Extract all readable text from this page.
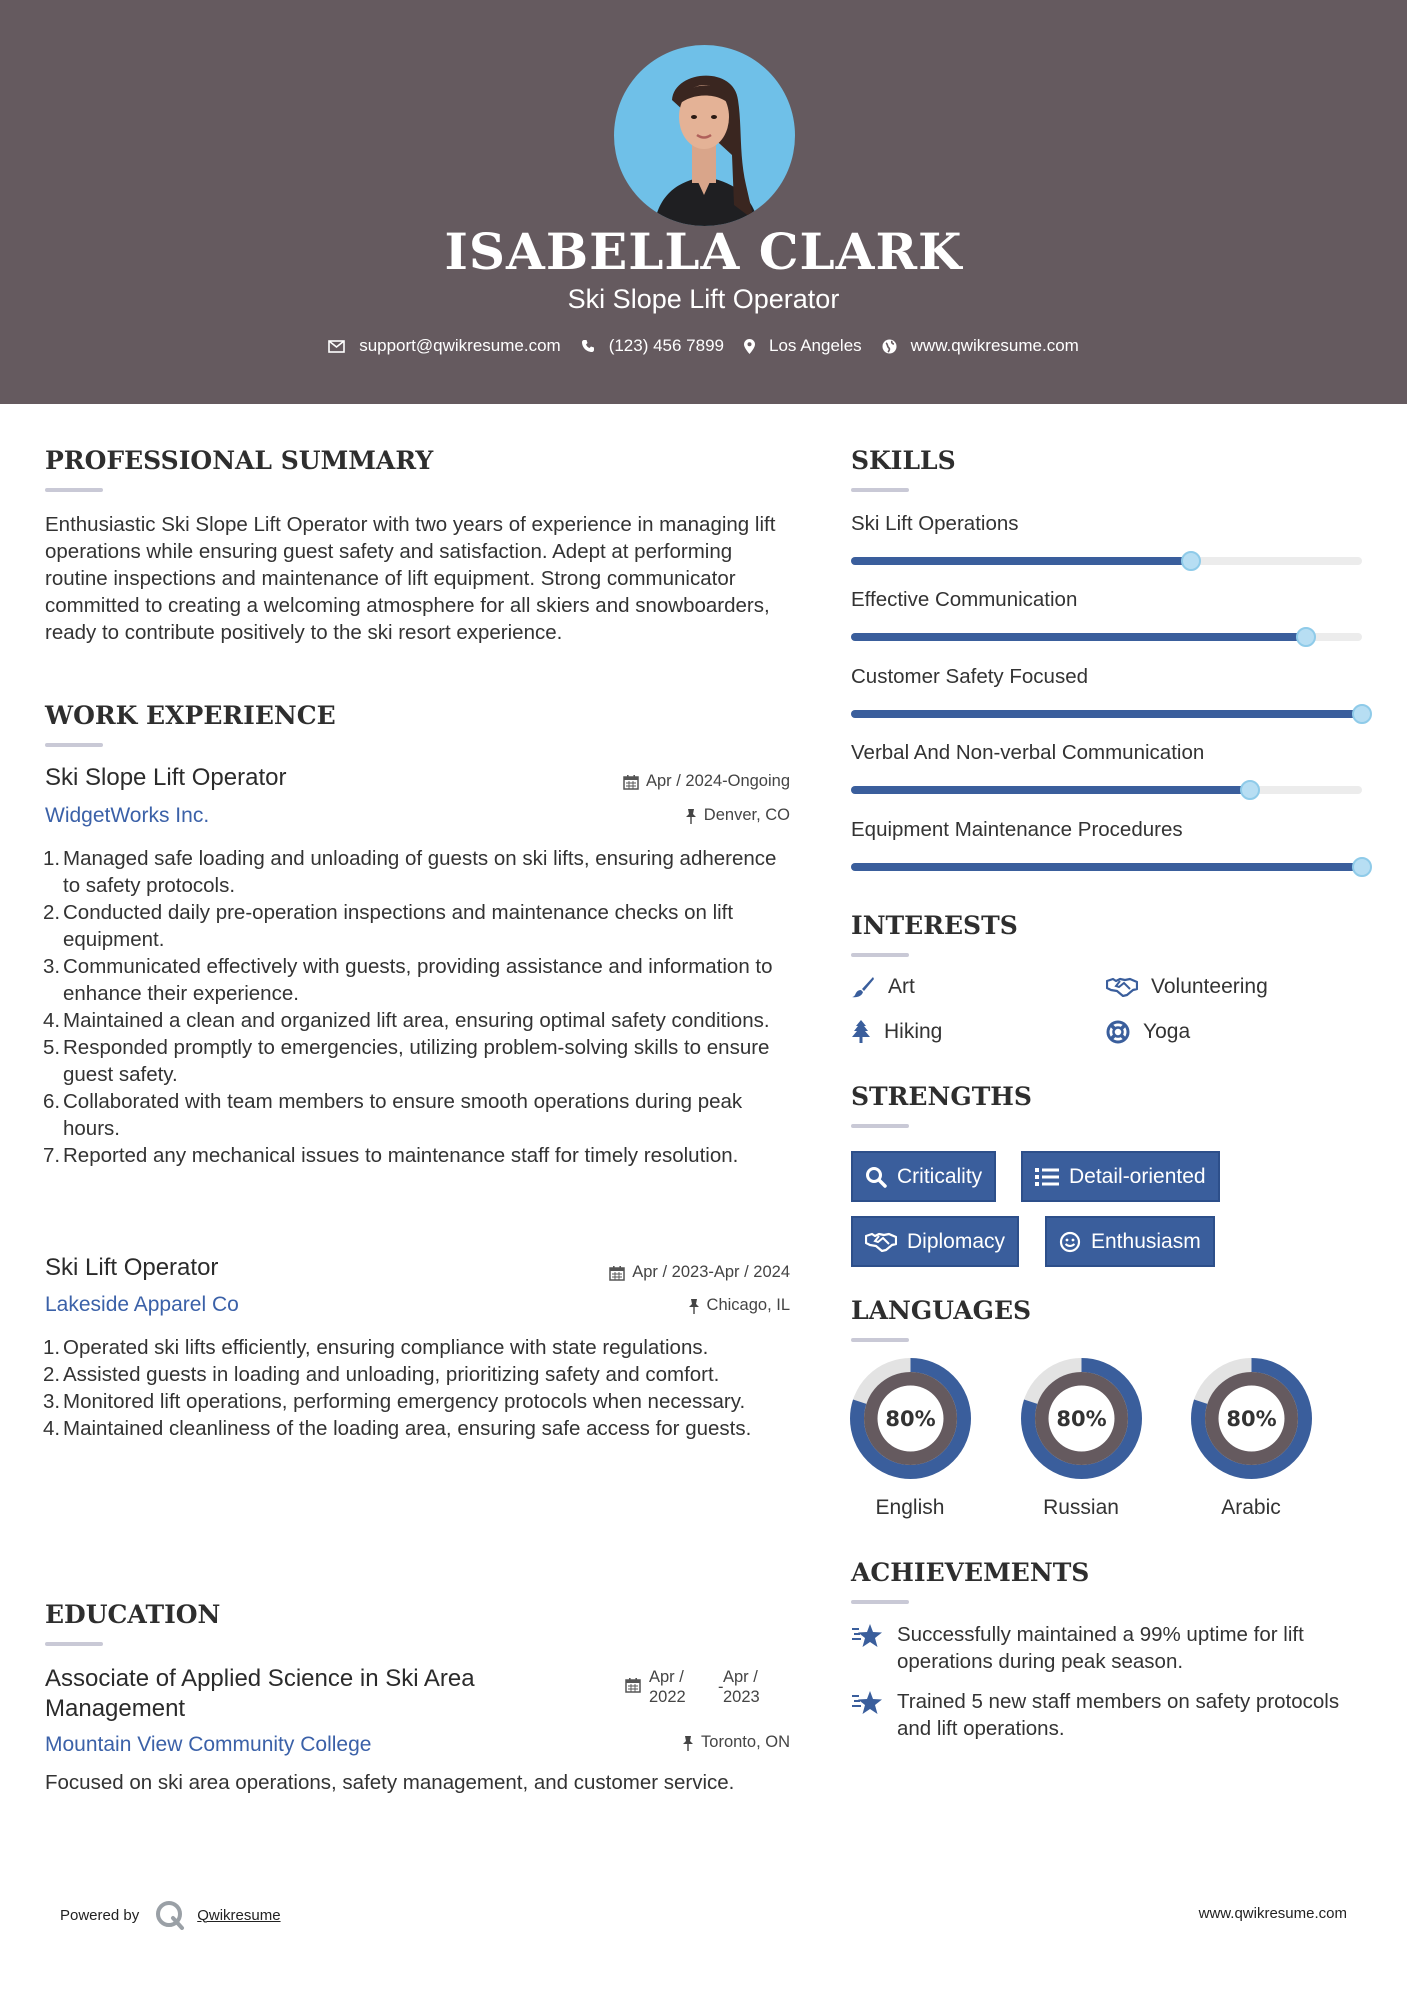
ISABELLA CLARK
Ski Slope Lift Operator
support@qwikresume.com	(123) 456 7899	Los Angeles	www.qwikresume.com
PROFESSIONAL SUMMARY
Enthusiastic Ski Slope Lift Operator with two years of experience in managing lift operations while ensuring guest safety and satisfaction. Adept at performing routine inspections and maintenance of lift equipment. Strong communicator committed to creating a welcoming atmosphere for all skiers and snowboarders, ready to contribute positively to the ski resort experience.
WORK EXPERIENCE
Ski Slope Lift Operator	Apr / 2024-Ongoing
WidgetWorks Inc.	Denver, CO
1. Managed safe loading and unloading of guests on ski lifts, ensuring adherence to safety protocols.
2. Conducted daily pre-operation inspections and maintenance checks on lift equipment.
3. Communicated effectively with guests, providing assistance and information to enhance their experience.
4. Maintained a clean and organized lift area, ensuring optimal safety conditions.
5. Responded promptly to emergencies, utilizing problem-solving skills to ensure guest safety.
6. Collaborated with team members to ensure smooth operations during peak hours.
7. Reported any mechanical issues to maintenance staff for timely resolution.
Ski Lift Operator	Apr / 2023-Apr / 2024
Lakeside Apparel Co	Chicago, IL
1. Operated ski lifts efficiently, ensuring compliance with state regulations.
2. Assisted guests in loading and unloading, prioritizing safety and comfort.
3. Monitored lift operations, performing emergency protocols when necessary.
4. Maintained cleanliness of the loading area, ensuring safe access for guests.
EDUCATION
Associate of Applied Science in Ski Area Management
Apr / 2022
-
Apr / 2023
Mountain View Community College	Toronto, ON
Focused on ski area operations, safety management, and customer service.
SKILLS
Ski Lift Operations
Effective Communication
Customer Safety Focused
Verbal And Non-verbal Communication
Equipment Maintenance Procedures
INTERESTS
Art	Volunteering
Hiking	Yoga
STRENGTHS
Criticality	Detail-oriented
Diplomacy	Enthusiasm
LANGUAGES
80%
English
80%
Russian
80%
Arabic
ACHIEVEMENTS
Successfully maintained a 99% uptime for lift operations during peak season.
Trained 5 new staff members on safety protocols and lift operations.
Powered by	Qwikresume	www.qwikresume.com
